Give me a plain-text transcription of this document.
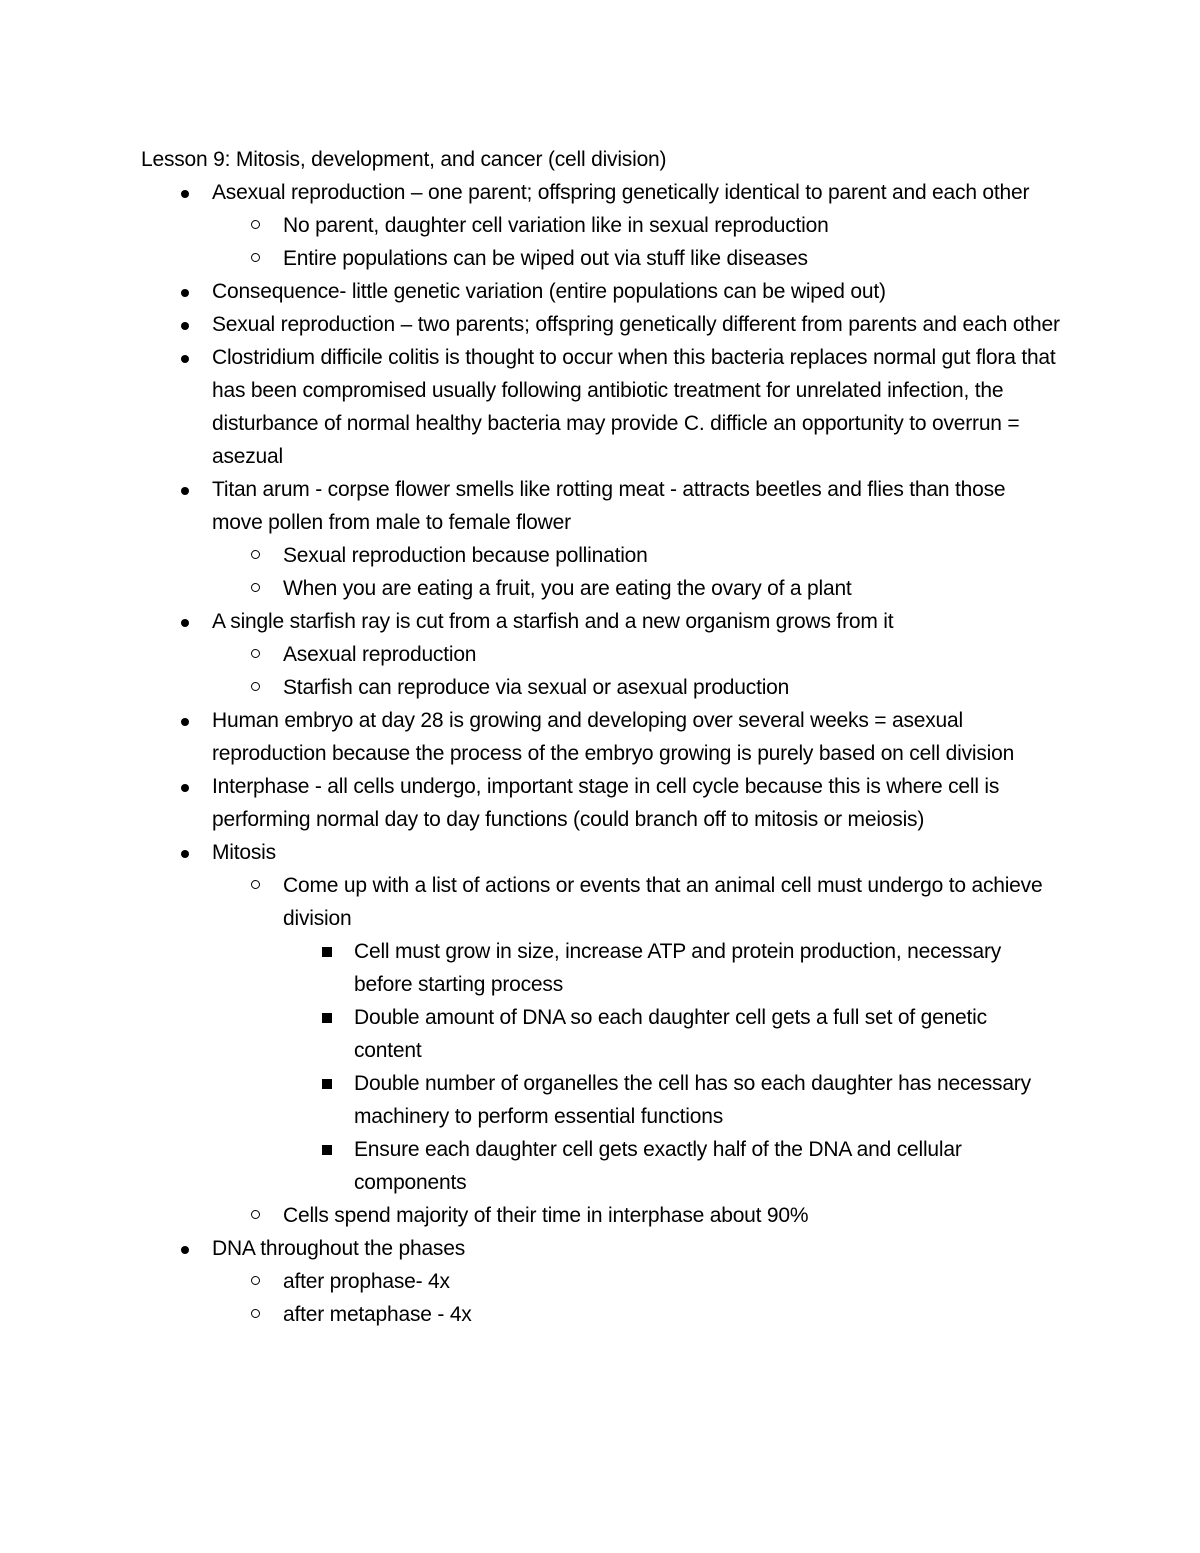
Lesson 9: Mitosis, development, and cancer (cell division)
Asexual reproduction – one parent; offspring genetically identical to parent and each other
No parent, daughter cell variation like in sexual reproduction
Entire populations can be wiped out via stuff like diseases
Consequence- little genetic variation (entire populations can be wiped out)
Sexual reproduction – two parents; offspring genetically different from parents and each other
Clostridium difficile colitis is thought to occur when this bacteria replaces normal gut flora that has been compromised usually following antibiotic treatment for unrelated infection, the disturbance of normal healthy bacteria may provide C. difficle an opportunity to overrun = asezual
Titan arum - corpse flower smells like rotting meat - attracts beetles and flies than those move pollen from male to female flower
Sexual reproduction because pollination
When you are eating a fruit, you are eating the ovary of a plant
A single starfish ray is cut from a starfish and a new organism grows from it
Asexual reproduction
Starfish can reproduce via sexual or asexual production
Human embryo at day 28 is growing and developing over several weeks = asexual reproduction because the process of the embryo growing is purely based on cell division
Interphase - all cells undergo, important stage in cell cycle because this is where cell is performing normal day to day functions (could branch off to mitosis or meiosis)
Mitosis
Come up with a list of actions or events that an animal cell must undergo to achieve division
Cell must grow in size, increase ATP and protein production, necessary before starting process
Double amount of DNA so each daughter cell gets a full set of genetic content
Double number of organelles the cell has so each daughter has necessary machinery to perform essential functions
Ensure each daughter cell gets exactly half of the DNA and cellular components
Cells spend majority of their time in interphase about 90%
DNA throughout the phases
after prophase- 4x
after metaphase - 4x
